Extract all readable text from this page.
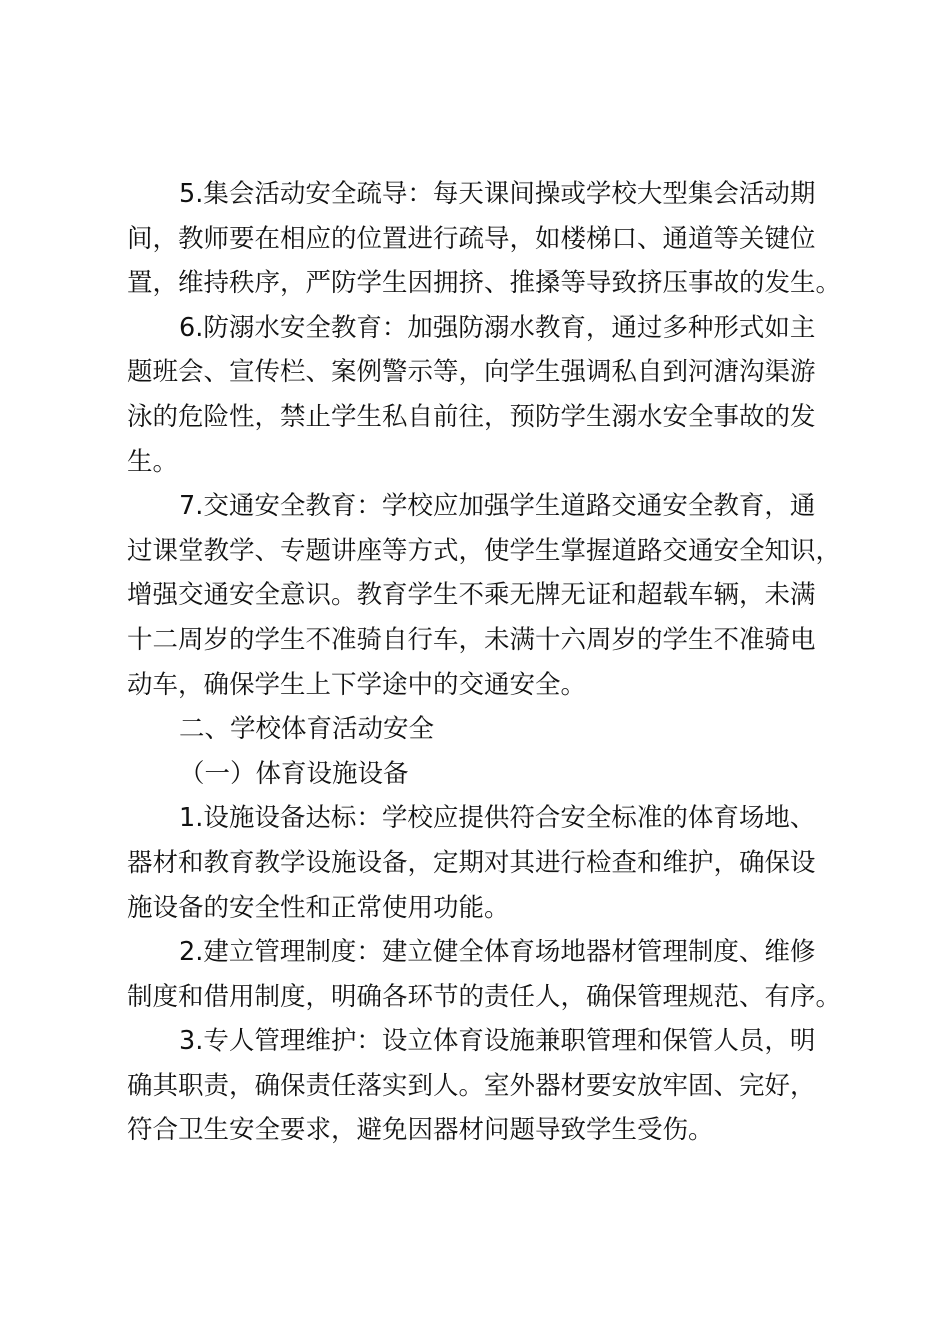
5.集会活动安全疏导：每天课间操或学校大型集会活动期
间，教师要在相应的位置进行疏导，如楼梯口、通道等关键位
置，维持秩序，严防学生因拥挤、推搡等导致挤压事故的发生。

6.防溺水安全教育：加强防溺水教育，通过多种形式如主
题班会、宣传栏、案例警示等，向学生强调私自到河溏沟渠游
泳的危险性，禁止学生私自前往，预防学生溺水安全事故的发
生。

7.交通安全教育：学校应加强学生道路交通安全教育，通
过课堂教学、专题讲座等方式，使学生掌握道路交通安全知识，
增强交通安全意识。教育学生不乘无牌无证和超载车辆，未满
十二周岁的学生不准骑自行车，未满十六周岁的学生不准骑电
动车，确保学生上下学途中的交通安全。

二、学校体育活动安全

（一）体育设施设备

1.设施设备达标：学校应提供符合安全标准的体育场地、
器材和教育教学设施设备，定期对其进行检查和维护，确保设
施设备的安全性和正常使用功能。

2.建立管理制度：建立健全体育场地器材管理制度、维修
制度和借用制度，明确各环节的责任人，确保管理规范、有序。

3.专人管理维护：设立体育设施兼职管理和保管人员，明
确其职责，确保责任落实到人。室外器材要安放牢固、完好，
符合卫生安全要求，避免因器材问题导致学生受伤。
